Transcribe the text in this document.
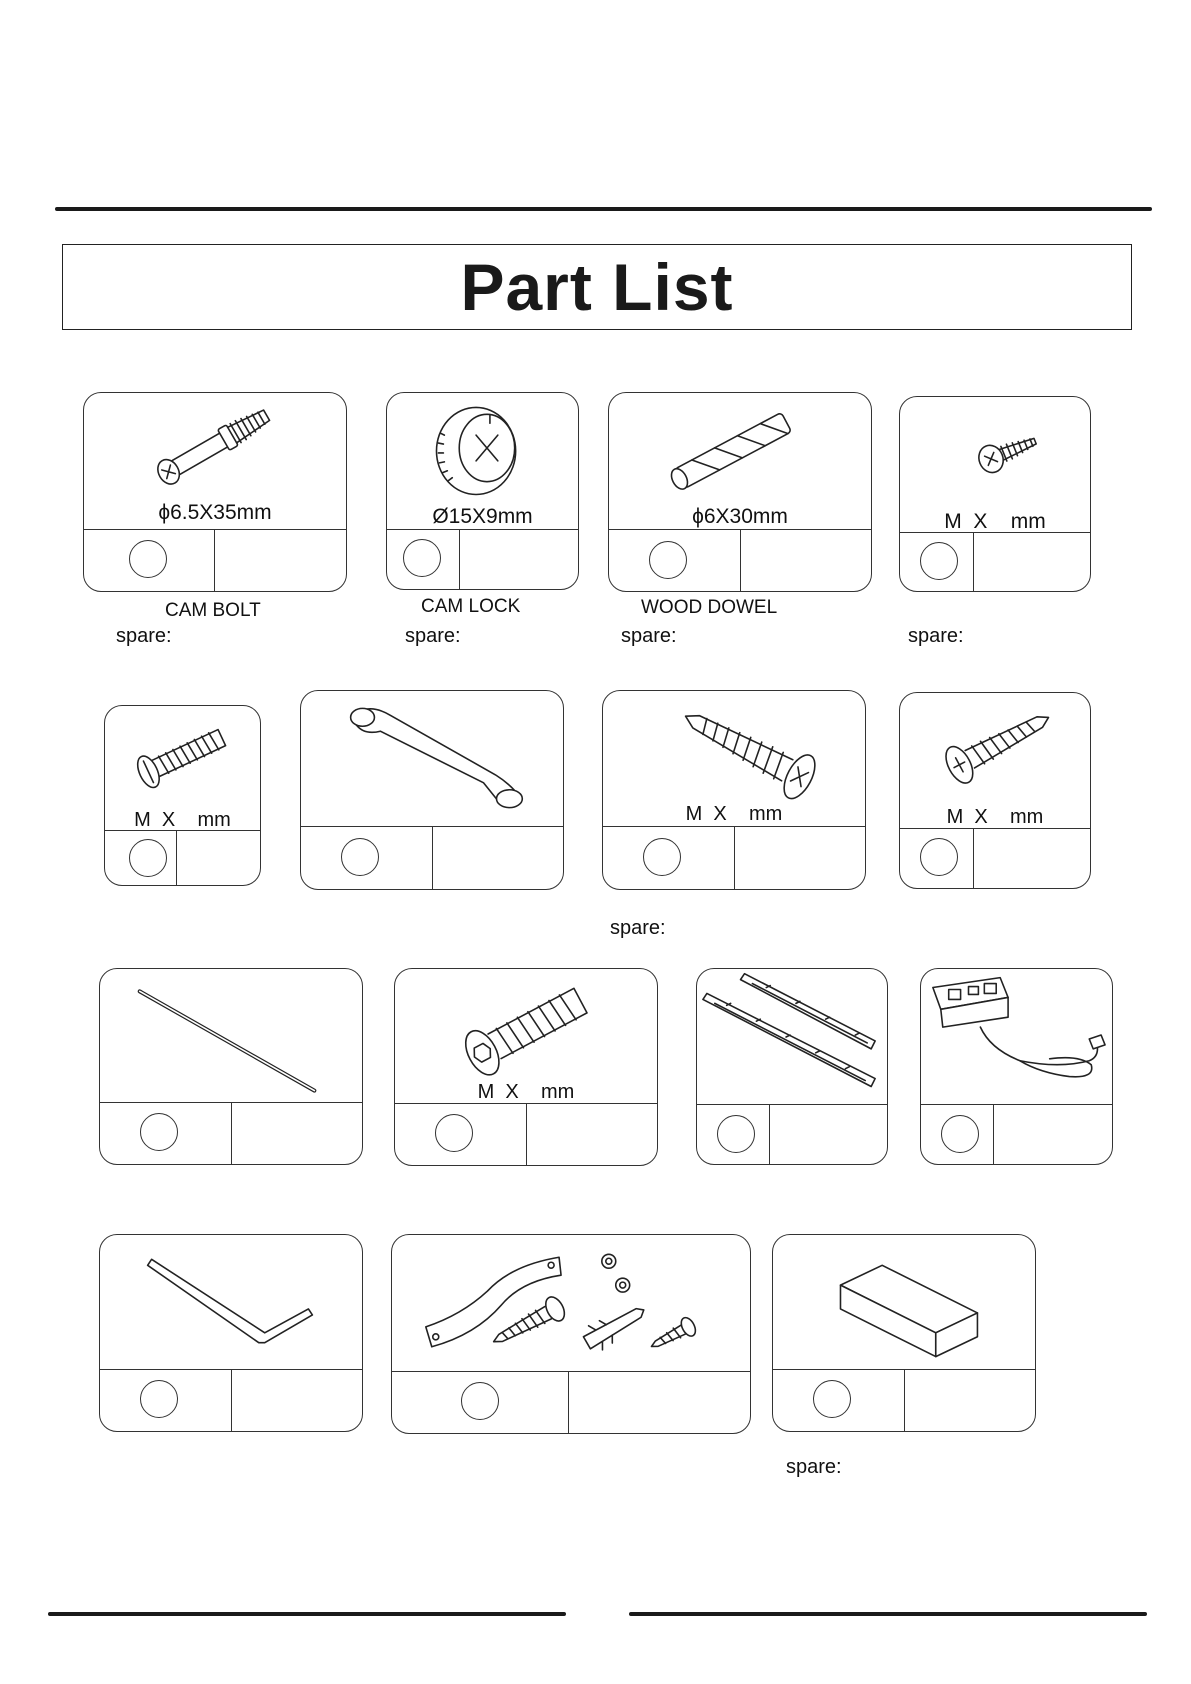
Part List
ϕ6.5X35mm	Ø15X9mm	ϕ6X30mm	M  X    mm
CAM BOLT	CAM LOCK	WOOD DOWEL
spare:	spare:	spare:	spare:
M  X    mm	M  X    mm	M  X    mm
spare:
M  X    mm
spare:
